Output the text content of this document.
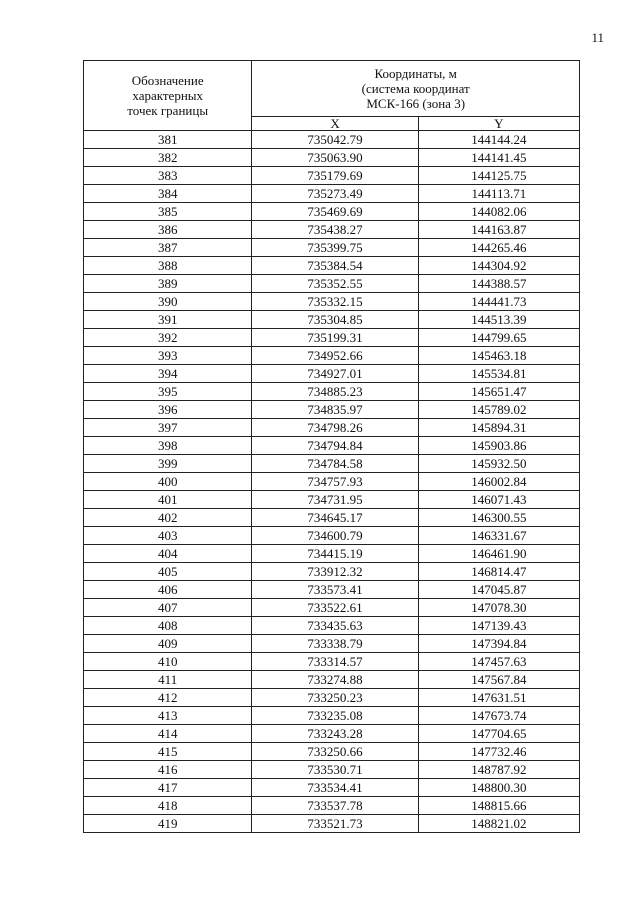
11
Обозначение
характерных
точек границы	Координаты, м
(система координат
МСК-166 (зона 3)	
	X	Y
381	735042.79	144144.24
382	735063.90	144141.45
383	735179.69	144125.75
384	735273.49	144113.71
385	735469.69	144082.06
386	735438.27	144163.87
387	735399.75	144265.46
388	735384.54	144304.92
389	735352.55	144388.57
390	735332.15	144441.73
391	735304.85	144513.39
392	735199.31	144799.65
393	734952.66	145463.18
394	734927.01	145534.81
395	734885.23	145651.47
396	734835.97	145789.02
397	734798.26	145894.31
398	734794.84	145903.86
399	734784.58	145932.50
400	734757.93	146002.84
401	734731.95	146071.43
402	734645.17	146300.55
403	734600.79	146331.67
404	734415.19	146461.90
405	733912.32	146814.47
406	733573.41	147045.87
407	733522.61	147078.30
408	733435.63	147139.43
409	733338.79	147394.84
410	733314.57	147457.63
411	733274.88	147567.84
412	733250.23	147631.51
413	733235.08	147673.74
414	733243.28	147704.65
415	733250.66	147732.46
416	733530.71	148787.92
417	733534.41	148800.30
418	733537.78	148815.66
419	733521.73	148821.02
